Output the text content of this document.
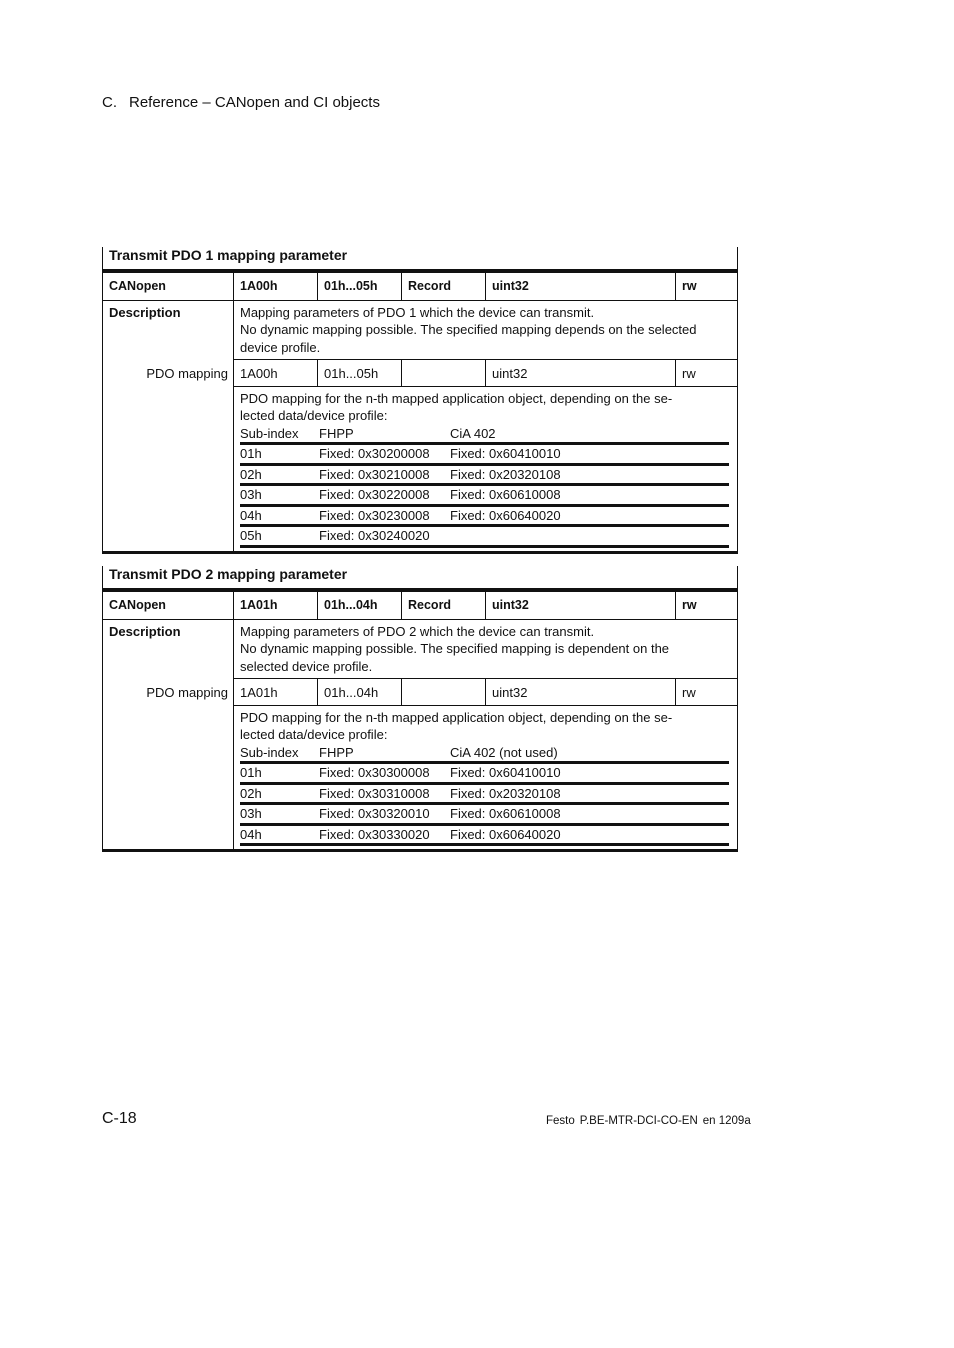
C. Reference – CANopen and CI objects
Transmit PDO 1 mapping parameter
CANopen	1A00h	01h...05h	Record	uint32	rw
Description	Mapping parameters of PDO 1 which the device can transmit.
No dynamic mapping possible. The specified mapping depends on the selected
device profile.

PDO mapping	1A00h	01h...05h		uint32	rw

PDO mapping for the n-th mapped application object, depending on the se-
lected data/device profile:
Sub-index	FHPP	CiA 402
01h	Fixed: 0x30200008	Fixed: 0x60410010
02h	Fixed: 0x30210008	Fixed: 0x20320108
03h	Fixed: 0x30220008	Fixed: 0x60610008
04h	Fixed: 0x30230008	Fixed: 0x60640020
05h	Fixed: 0x30240020	
Transmit PDO 2 mapping parameter
CANopen	1A01h	01h...04h	Record	uint32	rw
Description	Mapping parameters of PDO 2 which the device can transmit.
No dynamic mapping possible. The specified mapping is dependent on the
selected device profile.

PDO mapping	1A01h	01h...04h		uint32	rw

PDO mapping for the n-th mapped application object, depending on the se-
lected data/device profile:
Sub-index	FHPP	CiA 402 (not used)
01h	Fixed: 0x30300008	Fixed: 0x60410010
02h	Fixed: 0x30310008	Fixed: 0x20320108
03h	Fixed: 0x30320010	Fixed: 0x60610008
04h	Fixed: 0x30330020	Fixed: 0x60640020
C-18	Festo P.BE-MTR-DCI-CO-EN en 1209a
